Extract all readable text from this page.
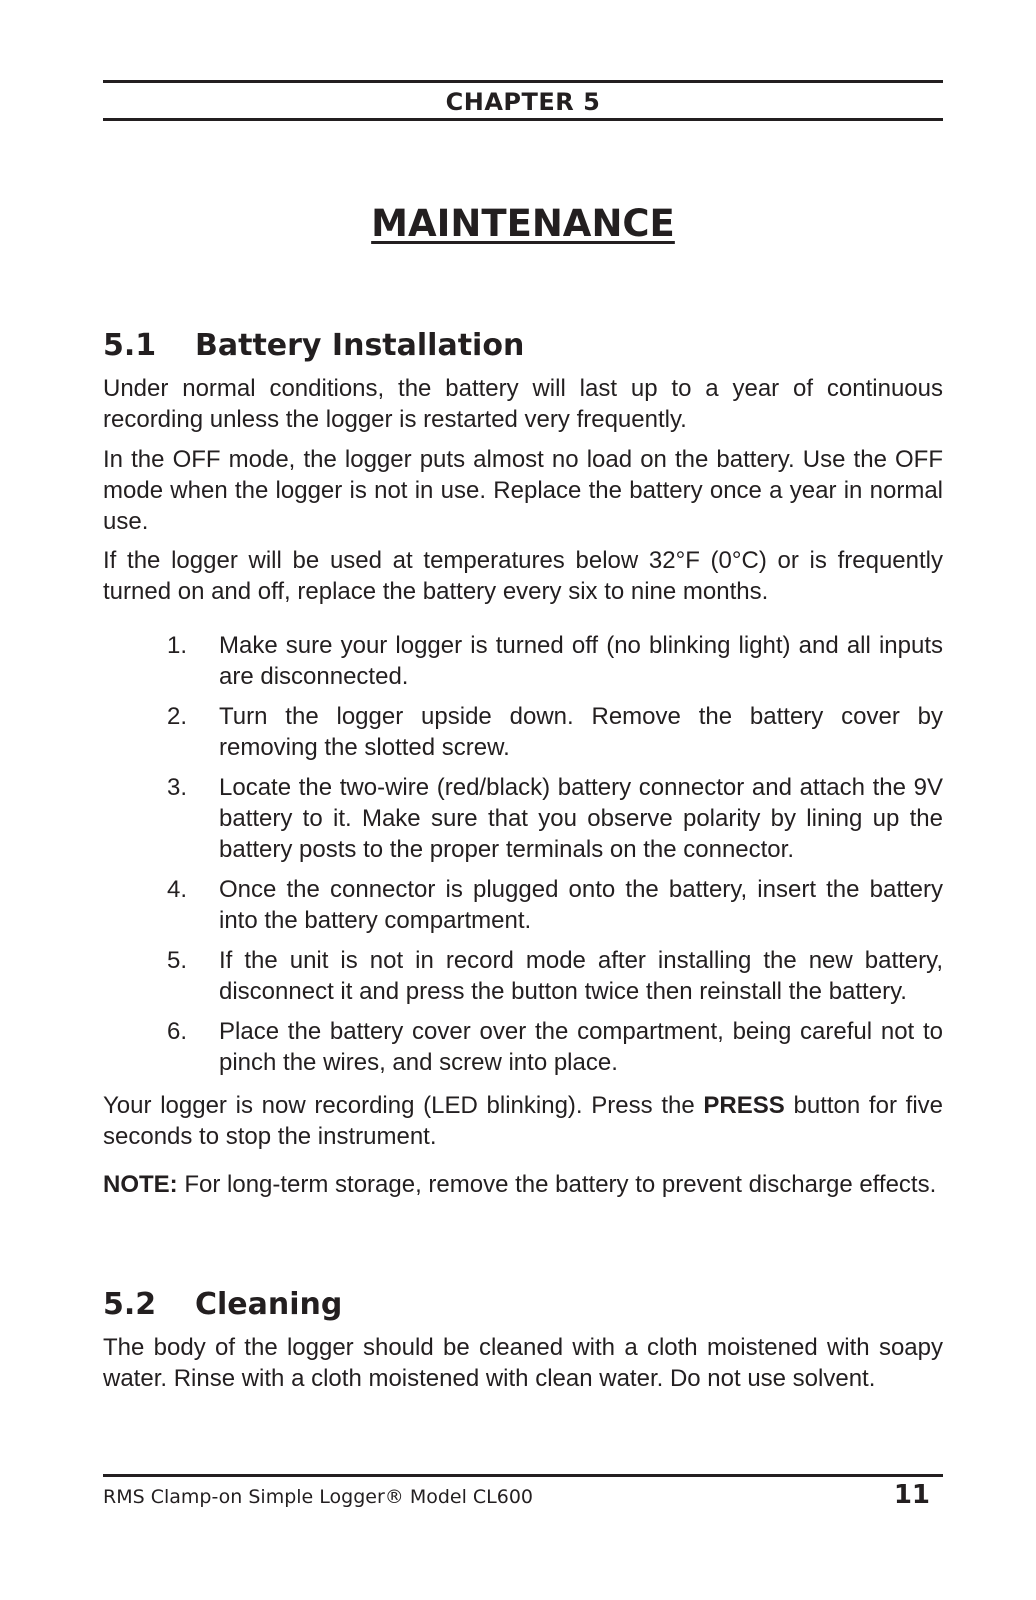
CHAPTER 5
MAINTENANCE
5.1 Battery Installation

Under normal conditions, the battery will last up to a year of continuous recording unless the logger is restarted very frequently.

In the OFF mode, the logger puts almost no load on the battery. Use the OFF mode when the logger is not in use. Replace the battery once a year in normal use.

If the logger will be used at temperatures below 32°F (0°C) or is frequently turned on and off, replace the battery every six to nine months.

1. Make sure your logger is turned off (no blinking light) and all inputs are disconnected.
2. Turn the logger upside down. Remove the battery cover by removing the slotted screw.
3. Locate the two-wire (red/black) battery connector and attach the 9V battery to it. Make sure that you observe polarity by lining up the battery posts to the proper terminals on the connector.
4. Once the connector is plugged onto the battery, insert the battery into the battery compartment.
5. If the unit is not in record mode after installing the new battery, disconnect it and press the button twice then reinstall the battery.
6. Place the battery cover over the compartment, being careful not to pinch the wires, and screw into place.

Your logger is now recording (LED blinking). Press the PRESS button for five seconds to stop the instrument.

NOTE: For long-term storage, remove the battery to prevent discharge effects.

5.2 Cleaning

The body of the logger should be cleaned with a cloth moistened with soapy water. Rinse with a cloth moistened with clean water. Do not use solvent.

RMS Clamp-on Simple Logger® Model CL600	11
